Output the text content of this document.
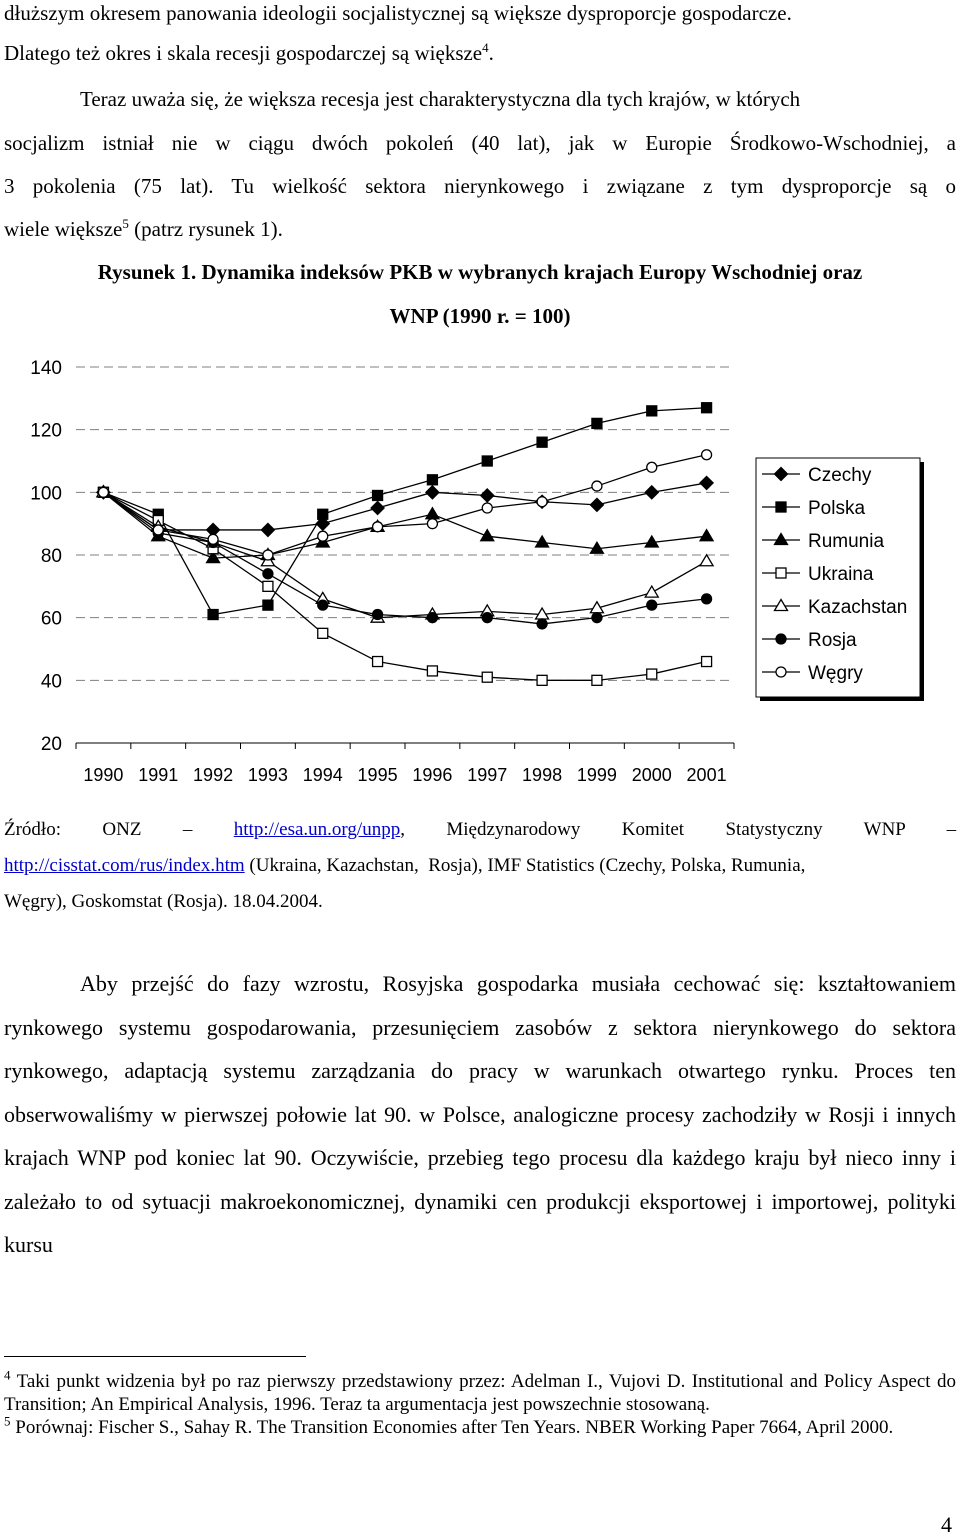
dłuższym okresem panowania ideologii socjalistycznej są większe dysproporcje gospodarcze.
Dlatego też okres i skala recesji gospodarczej są większe$^4$.
Teraz uważa się, że większa recesja jest charakterystyczna dla tych krajów, w których
socjalizm istniał nie w ciągu dwóch pokoleń (40 lat), jak w Europie Środkowo-Wschodniej, a
3 pokolenia (75 lat). Tu wielkość sektora nierynkowego i związane z tym dysproporcje są o
wiele większe$^5$ (patrz rysunek 1).
Rysunek 1. Dynamika indeksów PKB w wybranych krajach Europy Wschodniej oraz
WNP (1990 r. = 100)
20
40
60
80
100
120
140
1990 1991 1992 1993 1994 1995 1996 1997 1998 1999 2000 2001
Czechy
Polska
Rumunia
Ukraina
Kazachstan
Rosja
Węgry
Źródło: ONZ – http://esa.un.org/unpp, Międzynarodowy Komitet Statystyczny WNP –
http://cisstat.com/rus/index.htm (Ukraina, Kazachstan,  Rosja), IMF Statistics (Czechy, Polska, Rumunia,
Węgry), Goskomstat (Rosja). 18.04.2004.
Aby przejść do fazy wzrostu, Rosyjska gospodarka musiała cechować się: kształtowaniem rynkowego systemu gospodarowania, przesunięciem zasobów z sektora nierynkowego do sektora rynkowego, adaptacją systemu zarządzania do pracy w warunkach otwartego rynku. Proces ten obserwowaliśmy w pierwszej połowie lat 90. w Polsce, analogiczne procesy zachodziły w Rosji i innych krajach WNP pod koniec lat 90. Oczywiście, przebieg tego procesu dla każdego kraju był nieco inny i zależało to od sytuacji makroekonomicznej, dynamiki cen produkcji eksportowej i importowej, polityki kursu
$^4$ Taki punkt widzenia był po raz pierwszy przedstawiony przez: Adelman I., Vujovi D. Institutional and Policy Aspect do Transition; An Empirical Analysis, 1996. Teraz ta argumentacja jest powszechnie stosowaną.
$^5$ Porównaj: Fischer S., Sahay R. The Transition Economies after Ten Years. NBER Working Paper 7664, April 2000.
4
